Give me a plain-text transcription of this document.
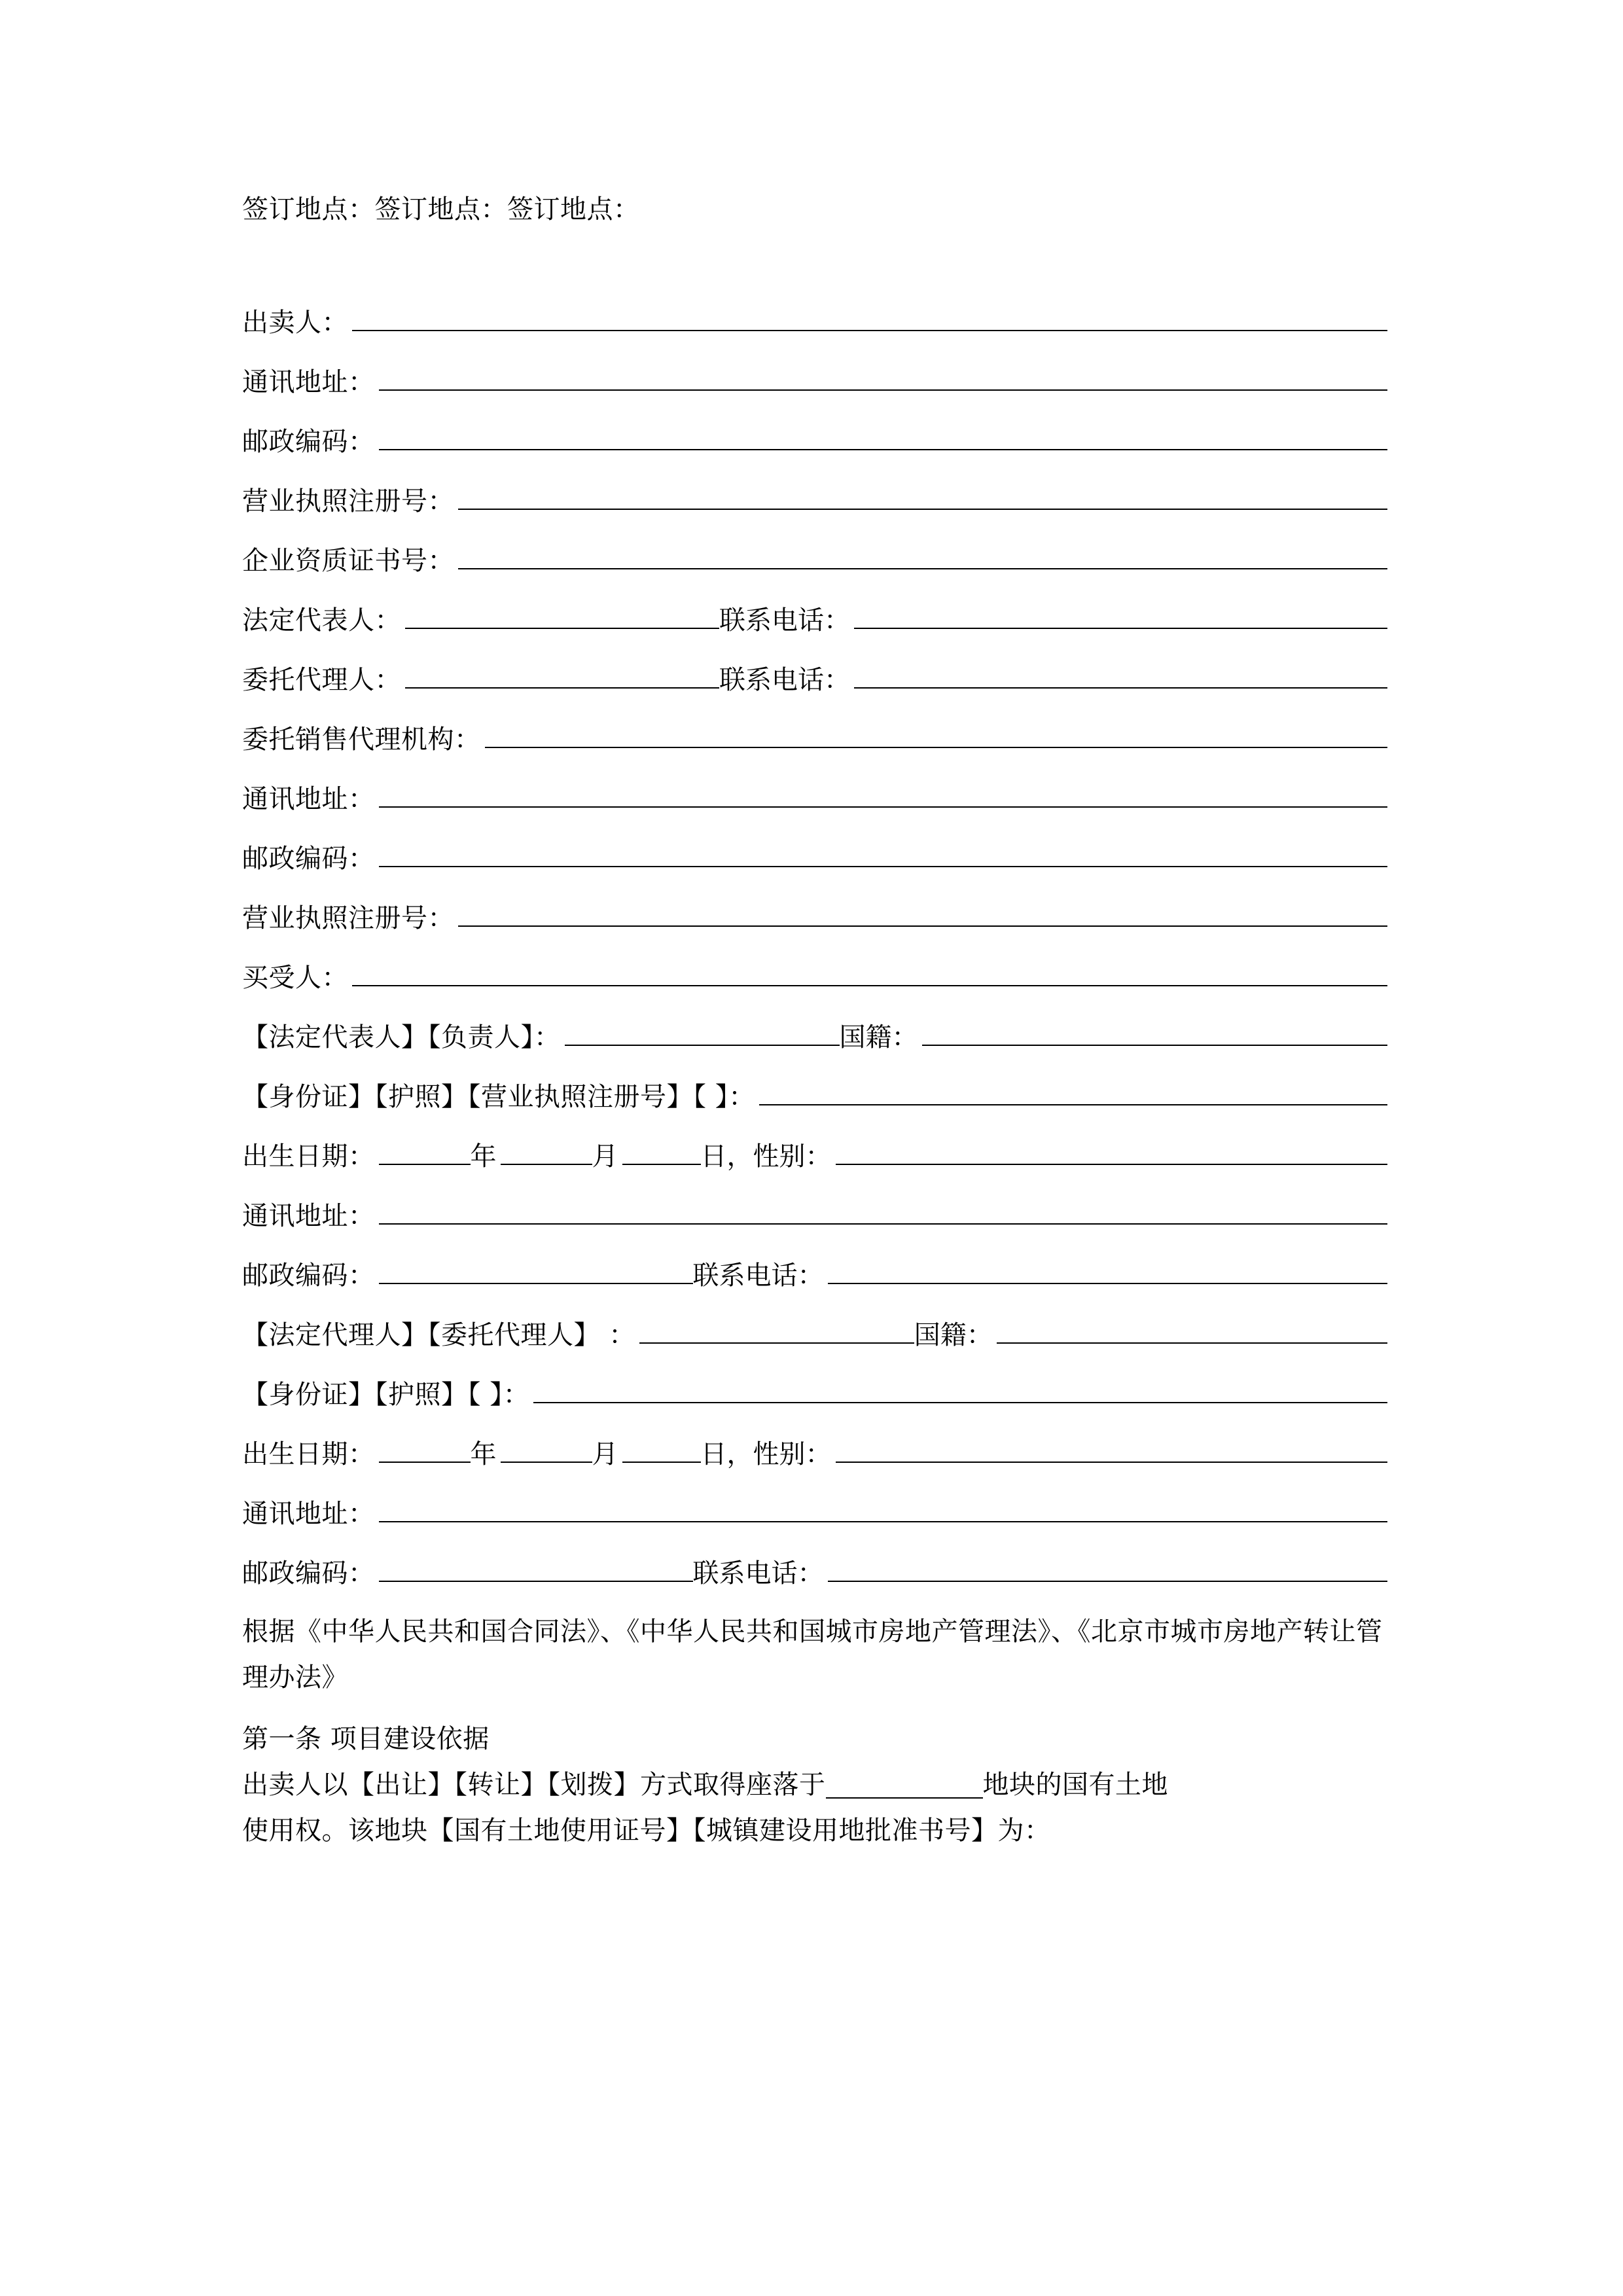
签订地点：签订地点：签订地点：
出卖人：
通讯地址：
邮政编码：
营业执照注册号：
企业资质证书号：
法定代表人：	联系电话：
委托代理人：	联系电话：
委托销售代理机构：
通讯地址：
邮政编码：
营业执照注册号：
买受人：
【法定代表人】【负责人】：	国籍：
【身份证】【护照】【营业执照注册号】【 】：
出生日期：	年	月	日，性别：
通讯地址：
邮政编码：	联系电话：
【法定代理人】【委托代理人】 ：	国籍：
【身份证】【护照】【 】：
出生日期：	年	月	日，性别：
通讯地址：
邮政编码：	联系电话：
根据《中华人民共和国合同法》、《中华人民共和国城市房地产管理法》、《北京市城市房地产转让管理办法》
第一条 项目建设依据
出卖人以【出让】【转让】【划拨】方式取得座落于	地块的国有土地
使用权。该地块【国有土地使用证号】【城镇建设用地批准书号】为：
